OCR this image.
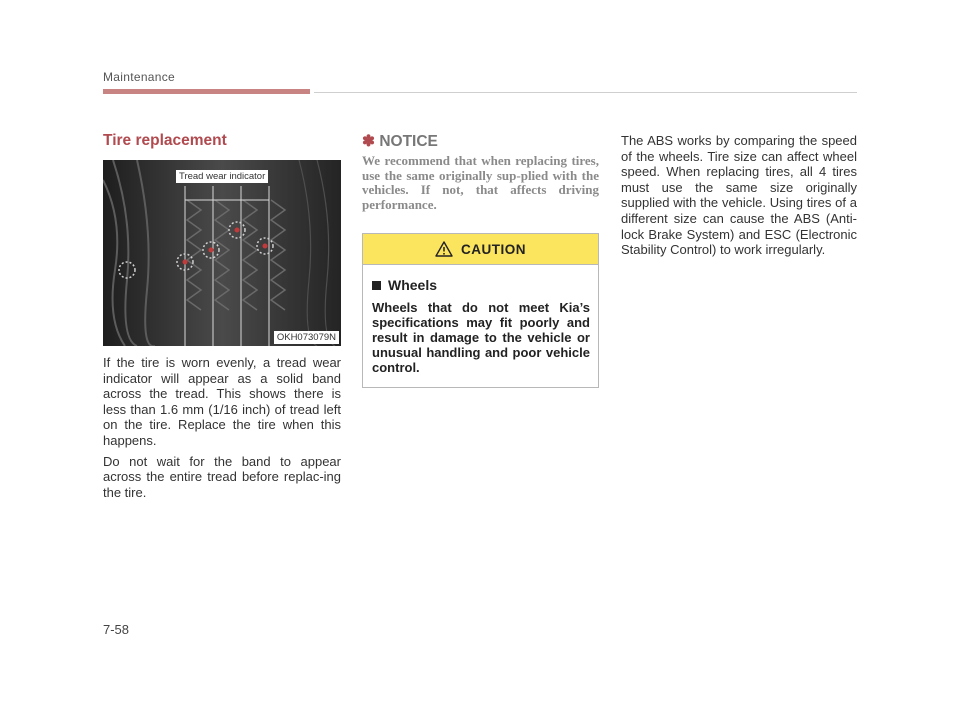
Maintenance
Tire replacement
Tread wear indicator
OKH073079N

If the tire is worn evenly, a tread wear indicator will appear as a solid band across the tread. This shows there is less than 1.6 mm (1/16 inch) of tread left on the tire. Replace the tire when this happens.

Do not wait for the band to appear across the entire tread before replac-ing the tire.

✽ NOTICE

We recommend that when replacing tires, use the same originally sup-plied with the vehicles. If not, that affects driving performance.

CAUTION
Wheels

Wheels that do not meet Kia’s specifications may fit poorly and result in damage to the vehicle or unusual handling and poor vehicle control.

The ABS works by comparing the speed of the wheels. Tire size can affect wheel speed. When replacing tires, all 4 tires must use the same size originally supplied with the vehicle. Using tires of a different size can cause the ABS (Anti-lock Brake System) and ESC (Electronic Stability Control) to work irregularly.

7-58
